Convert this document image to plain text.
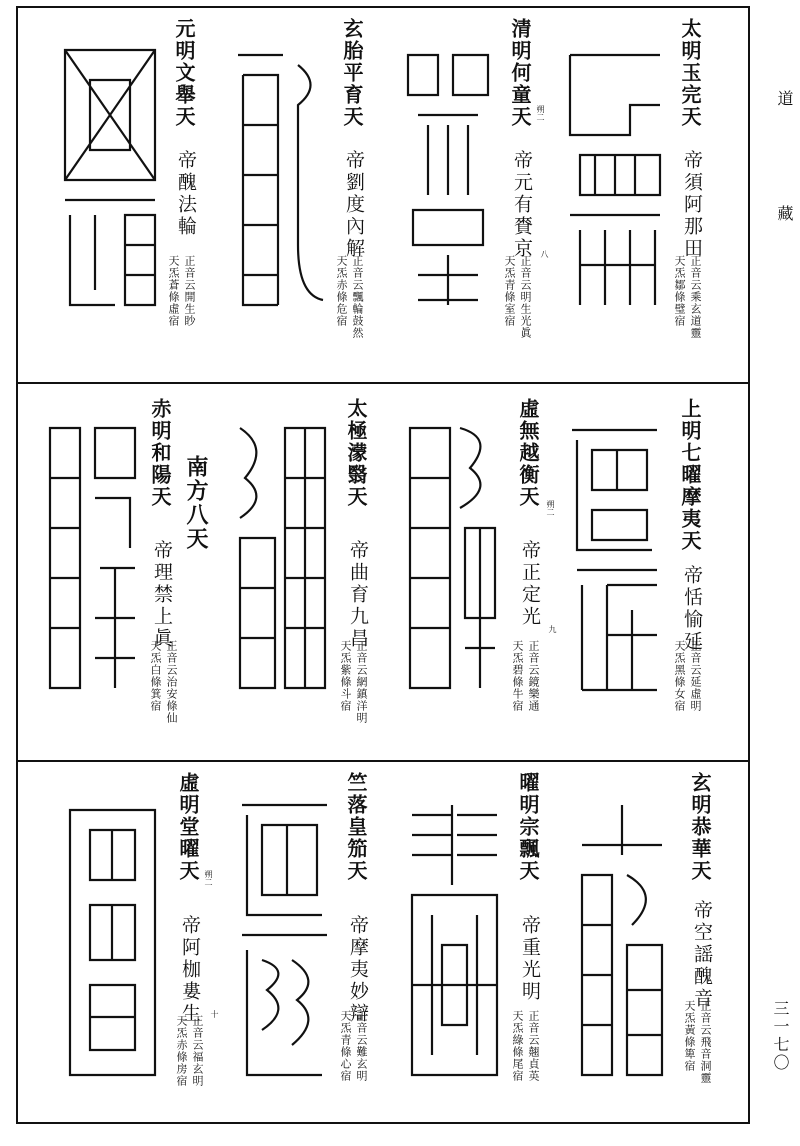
道 藏
三一七〇
太明玉完天
帝須阿那田
正音云乘玄道靈
天炁鄒條璧宿
清明何童天 朔二
帝元有賚京 八
正音云明生光眞
天炁青條室宿
玄胎平育天
帝劉度內解
正音云飄輪鼓然
天炁赤條危宿
元明文舉天
帝醜法輪
正音云開生眇
天炁蒼條虛宿
南方八天	上明七曜摩夷天
帝恬愉延
正音云延虛明
天炁黑條女宿
虛無越衡天 朔二
帝正定光
九
正音云鏡樂通
天炁碧條牛宿
太極濛翳天
帝曲育九昌
正音云網鎮洋明
天炁紫條斗宿
赤明和陽天
帝理禁上眞
正音云治安條仙
天炁白條箕宿
玄明恭華天
帝空謡醜音
正音云飛音洞靈
天炁黃條箄宿
曜明宗飄天
帝重光明
正音云翹貞英
天炁綠條尾宿
竺落皇笳天
帝摩夷妙辯
正音云難玄明
天炁青條心宿
虛明堂曜天 朔二
帝阿枷婁生 十
正音云福玄明
天炁赤條房宿
